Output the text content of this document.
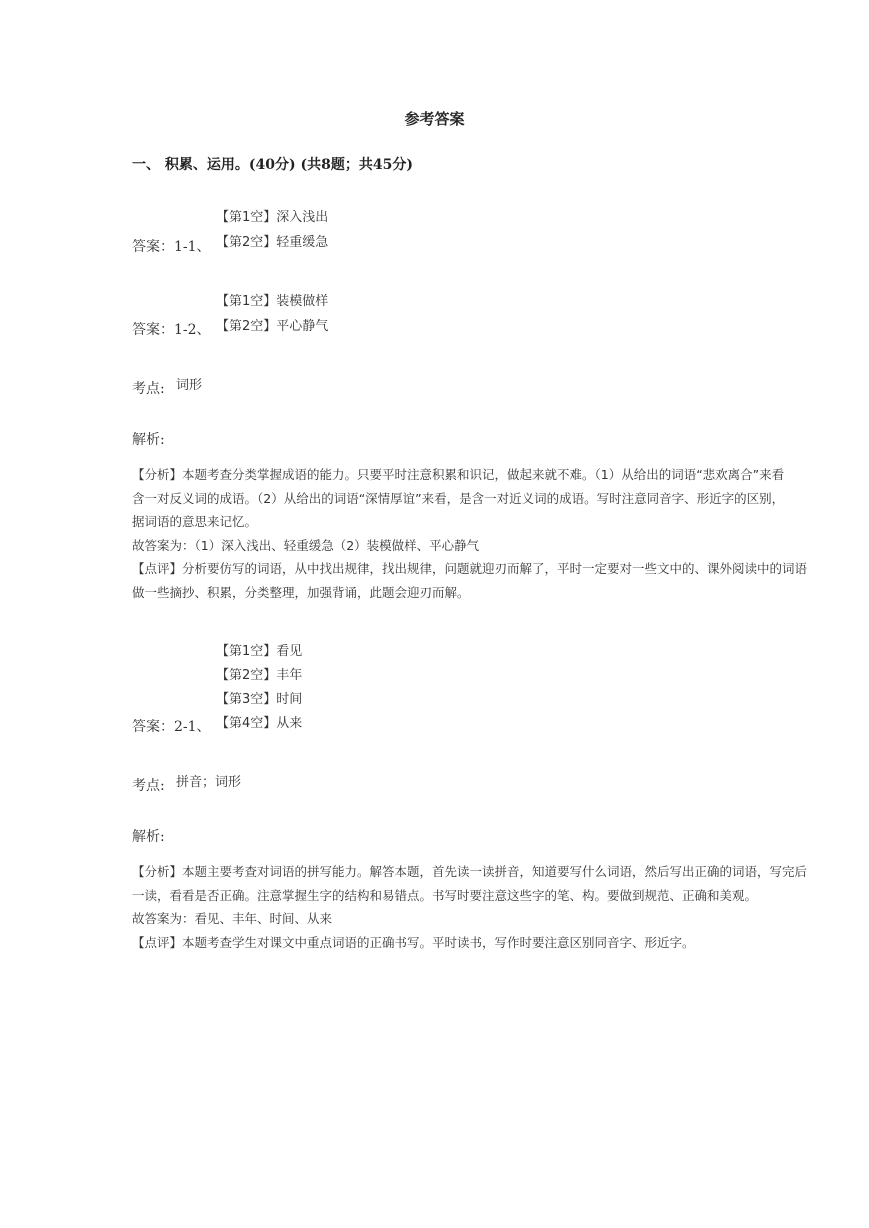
参考答案
一、 积累、运用。(40分) (共8题；共45分)
【第1空】深入浅出
【第2空】轻重缓急
答案：1-1、
【第1空】装模做样
【第2空】平心静气
答案：1-2、
考点: 词形
解析:
【分析】本题考查分类掌握成语的能力。只要平时注意积累和识记，做起来就不难。（1）从给出的词语“悲欢离合”来看
含一对反义词的成语。（2）从给出的词语“深情厚谊”来看，是含一对近义词的成语。写时注意同音字、形近字的区别，
据词语的意思来记忆。
故答案为：（1）深入浅出、轻重缓急（2）装模做样、平心静气
【点评】分析要仿写的词语，从中找出规律，找出规律，问题就迎刃而解了，平时一定要对一些文中的、课外阅读中的词语
做一些摘抄、积累，分类整理，加强背诵，此题会迎刃而解。
【第1空】看见
【第2空】丰年
【第3空】时间
【第4空】从来
答案：2-1、
考点: 拼音；词形
解析:
【分析】本题主要考查对词语的拼写能力。解答本题，首先读一读拼音，知道要写什么词语，然后写出正确的词语，写完后
一读，看看是否正确。注意掌握生字的结构和易错点。书写时要注意这些字的笔、构。要做到规范、正确和美观。
故答案为：看见、丰年、时间、从来
【点评】本题考查学生对课文中重点词语的正确书写。平时读书，写作时要注意区别同音字、形近字。
